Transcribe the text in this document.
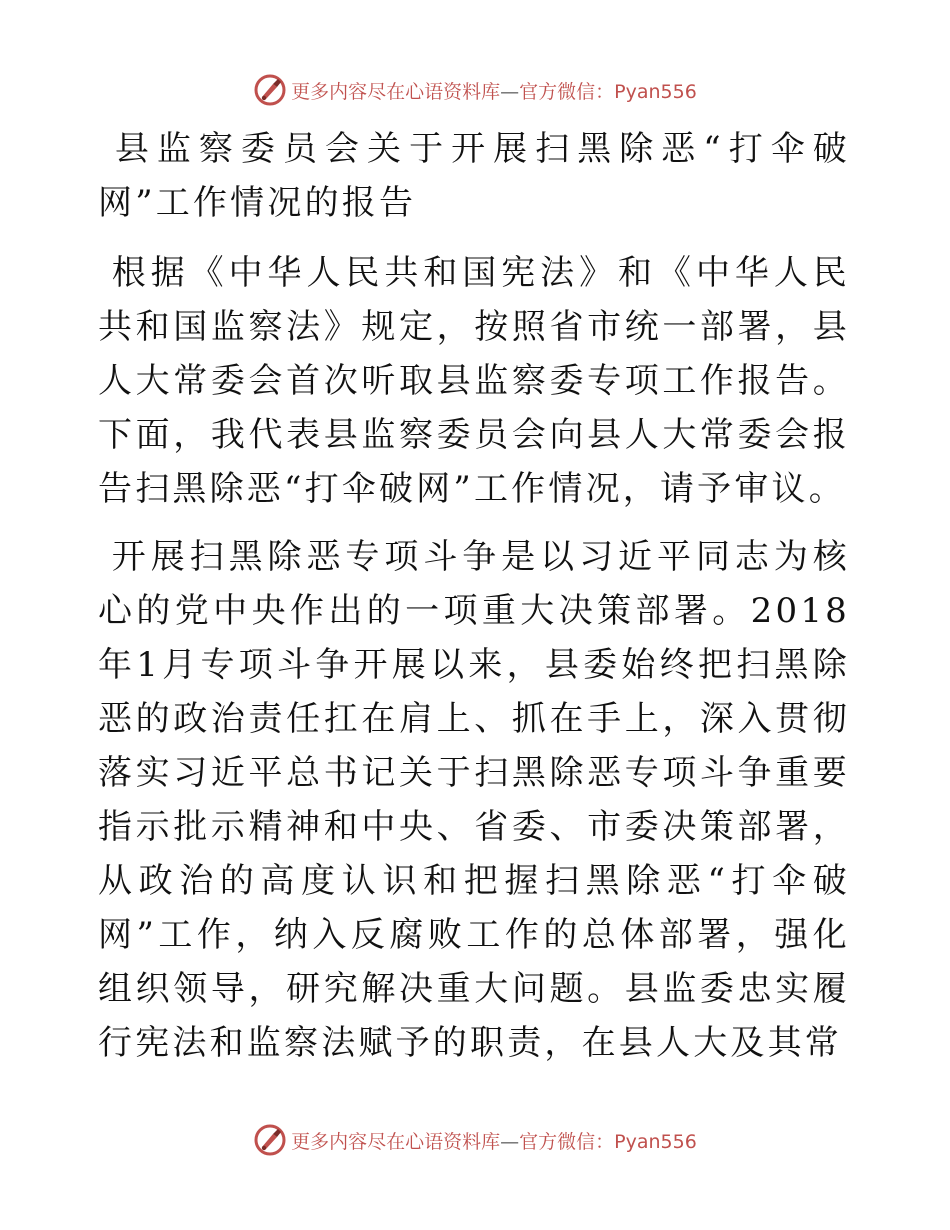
更多内容尽在心语资料库—官方微信：Pyan556

县监察委员会关于开展扫黑除恶“打伞破网”工作情况的报告

根据《中华人民共和国宪法》和《中华人民共和国监察法》规定，按照省市统一部署，县人大常委会首次听取县监察委专项工作报告。下面，我代表县监察委员会向县人大常委会报告扫黑除恶“打伞破网”工作情况，请予审议。

开展扫黑除恶专项斗争是以习近平同志为核心的党中央作出的一项重大决策部署。2018年1月专项斗争开展以来，县委始终把扫黑除恶的政治责任扛在肩上、抓在手上，深入贯彻落实习近平总书记关于扫黑除恶专项斗争重要指示批示精神和中央、省委、市委决策部署，从政治的高度认识和把握扫黑除恶“打伞破网”工作，纳入反腐败工作的总体部署，强化组织领导，研究解决重大问题。县监委忠实履行宪法和监察法赋予的职责，在县人大及其常

更多内容尽在心语资料库—官方微信：Pyan556
